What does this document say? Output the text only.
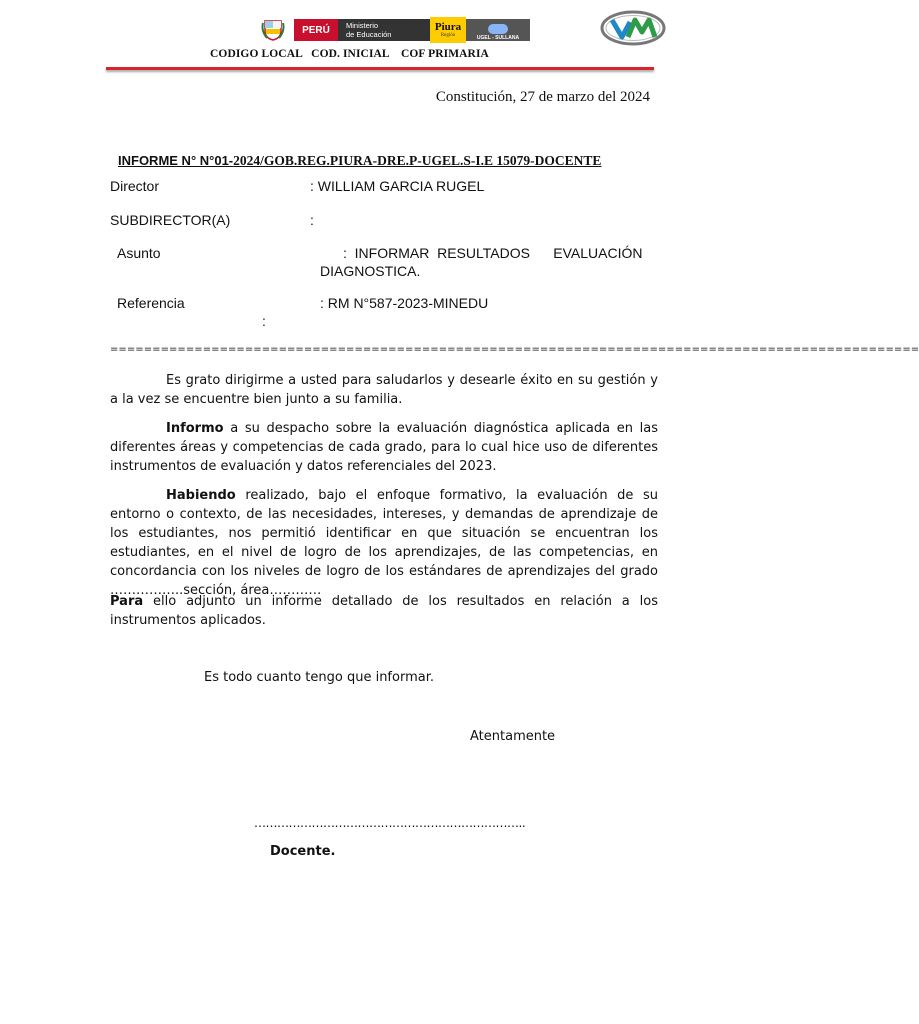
PERÚ Ministerio
de Educación
Piura
Región	UGEL - SULLANA
CODIGO LOCAL   COD. INICIAL    COF PRIMARIA
Constitución, 27 de marzo del 2024
INFORME N° N°01-2024/GOB.REG.PIURA-DRE.P-UGEL.S-I.E 15079-DOCENTE
Director	: WILLIAM GARCIA RUGEL
SUBDIRECTOR(A)	:
Asunto	:  INFORMAR  RESULTADOS      EVALUACIÓN
DIAGNOSTICA.
Referencia	: RM N°587-2023-MINEDU
:
================================================================================================
Es grato dirigirme a usted para saludarlos y desearle éxito en su gestión y a la vez se encuentre bien junto a su familia.
Informo a su despacho sobre la evaluación diagnóstica aplicada en las diferentes áreas y competencias de cada grado, para lo cual hice uso de diferentes instrumentos de evaluación y datos referenciales del 2023.
Habiendo realizado, bajo el enfoque formativo, la evaluación de su entorno o contexto, de las necesidades, intereses, y demandas de aprendizaje de los estudiantes, nos permitió identificar en que situación se encuentran los estudiantes, en el nivel de logro de los aprendizajes, de las competencias, en concordancia con los niveles de logro de los estándares de aprendizajes del grado ……………..sección, área…………
Para ello adjunto un informe detallado de los resultados en relación a los instrumentos aplicados.
Es todo cuanto tengo que informar.
Atentamente
……………………………………………………………..
Docente.
